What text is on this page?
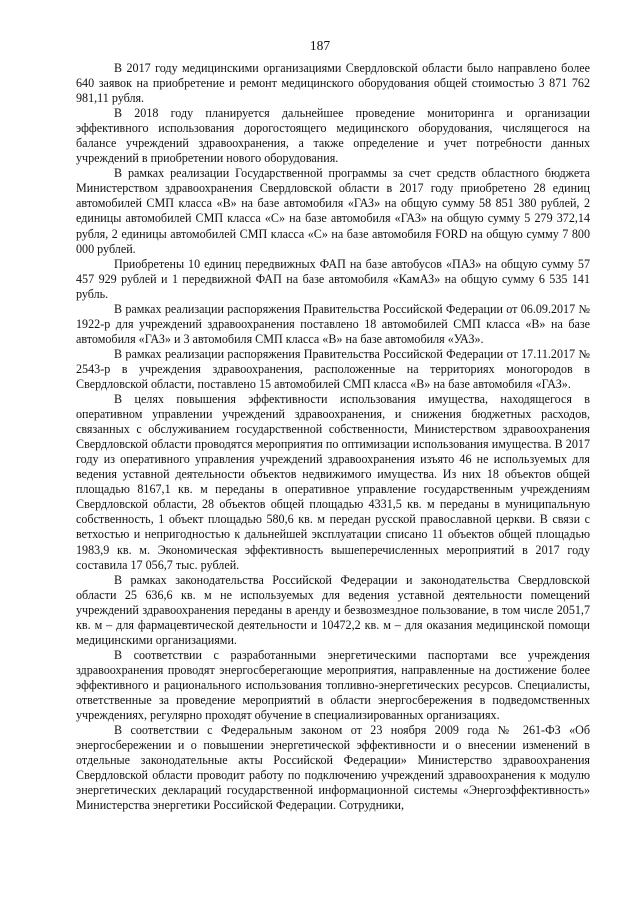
187

В 2017 году медицинскими организациями Свердловской области было направлено более 640 заявок на приобретение и ремонт медицинского оборудования общей стоимостью 3 871 762 981,11 рубля.

В 2018 году планируется дальнейшее проведение мониторинга и организации эффективного использования дорогостоящего медицинского оборудования, числящегося на балансе учреждений здравоохранения, а также определение и учет потребности данных учреждений в приобретении нового оборудования.

В рамках реализации Государственной программы за счет средств областного бюджета Министерством здравоохранения Свердловской области в 2017 году приобретено 28 единиц автомобилей СМП класса «В» на базе автомобиля «ГАЗ» на общую сумму 58 851 380 рублей, 2 единицы автомобилей СМП класса «С» на базе автомобиля «ГАЗ» на общую сумму 5 279 372,14 рубля, 2 единицы автомобилей СМП класса «С» на базе автомобиля FORD на общую сумму 7 800 000 рублей.

Приобретены 10 единиц передвижных ФАП на базе автобусов «ПАЗ» на общую сумму 57 457 929 рублей и 1 передвижной ФАП на базе автомобиля «КамАЗ» на общую сумму 6 535 141 рубль.

В рамках реализации распоряжения Правительства Российской Федерации от 06.09.2017 № 1922-р для учреждений здравоохранения поставлено 18 автомобилей СМП класса «В» на базе автомобиля «ГАЗ» и 3 автомобиля СМП класса «В» на базе автомобиля «УАЗ».

В рамках реализации распоряжения Правительства Российской Федерации от 17.11.2017 № 2543-р в учреждения здравоохранения, расположенные на территориях моногородов в Свердловской области, поставлено 15 автомобилей СМП класса «В» на базе автомобиля «ГАЗ».

В целях повышения эффективности использования имущества, находящегося в оперативном управлении учреждений здравоохранения, и снижения бюджетных расходов, связанных с обслуживанием государственной собственности, Министерством здравоохранения Свердловской области проводятся мероприятия по оптимизации использования имущества. В 2017 году из оперативного управления учреждений здравоохранения изъято 46 не используемых для ведения уставной деятельности объектов недвижимого имущества. Из них 18 объектов общей площадью 8167,1 кв. м переданы в оперативное управление государственным учреждениям Свердловской области, 28 объектов общей площадью 4331,5 кв. м переданы в муниципальную собственность, 1 объект площадью 580,6 кв. м передан русской православной церкви. В связи с ветхостью и непригодностью к дальнейшей эксплуатации списано 11 объектов общей площадью 1983,9 кв. м. Экономическая эффективность вышеперечисленных мероприятий в 2017 году составила 17 056,7 тыс. рублей.

В рамках законодательства Российской Федерации и законодательства Свердловской области 25 636,6 кв. м не используемых для ведения уставной деятельности помещений учреждений здравоохранения переданы в аренду и безвозмездное пользование, в том числе 2051,7 кв. м – для фармацевтической деятельности и 10472,2 кв. м – для оказания медицинской помощи медицинскими организациями.

В соответствии с разработанными энергетическими паспортами все учреждения здравоохранения проводят энергосберегающие мероприятия, направленные на достижение более эффективного и рационального использования топливно-энергетических ресурсов. Специалисты, ответственные за проведение мероприятий в области энергосбережения в подведомственных учреждениях, регулярно проходят обучение в специализированных организациях.

В соответствии с Федеральным законом от 23 ноября 2009 года № 261-ФЗ «Об энергосбережении и о повышении энергетической эффективности и о внесении изменений в отдельные законодательные акты Российской Федерации» Министерство здравоохранения Свердловской области проводит работу по подключению учреждений здравоохранения к модулю энергетических деклараций государственной информационной системы «Энергоэффективность» Министерства энергетики Российской Федерации. Сотрудники,
